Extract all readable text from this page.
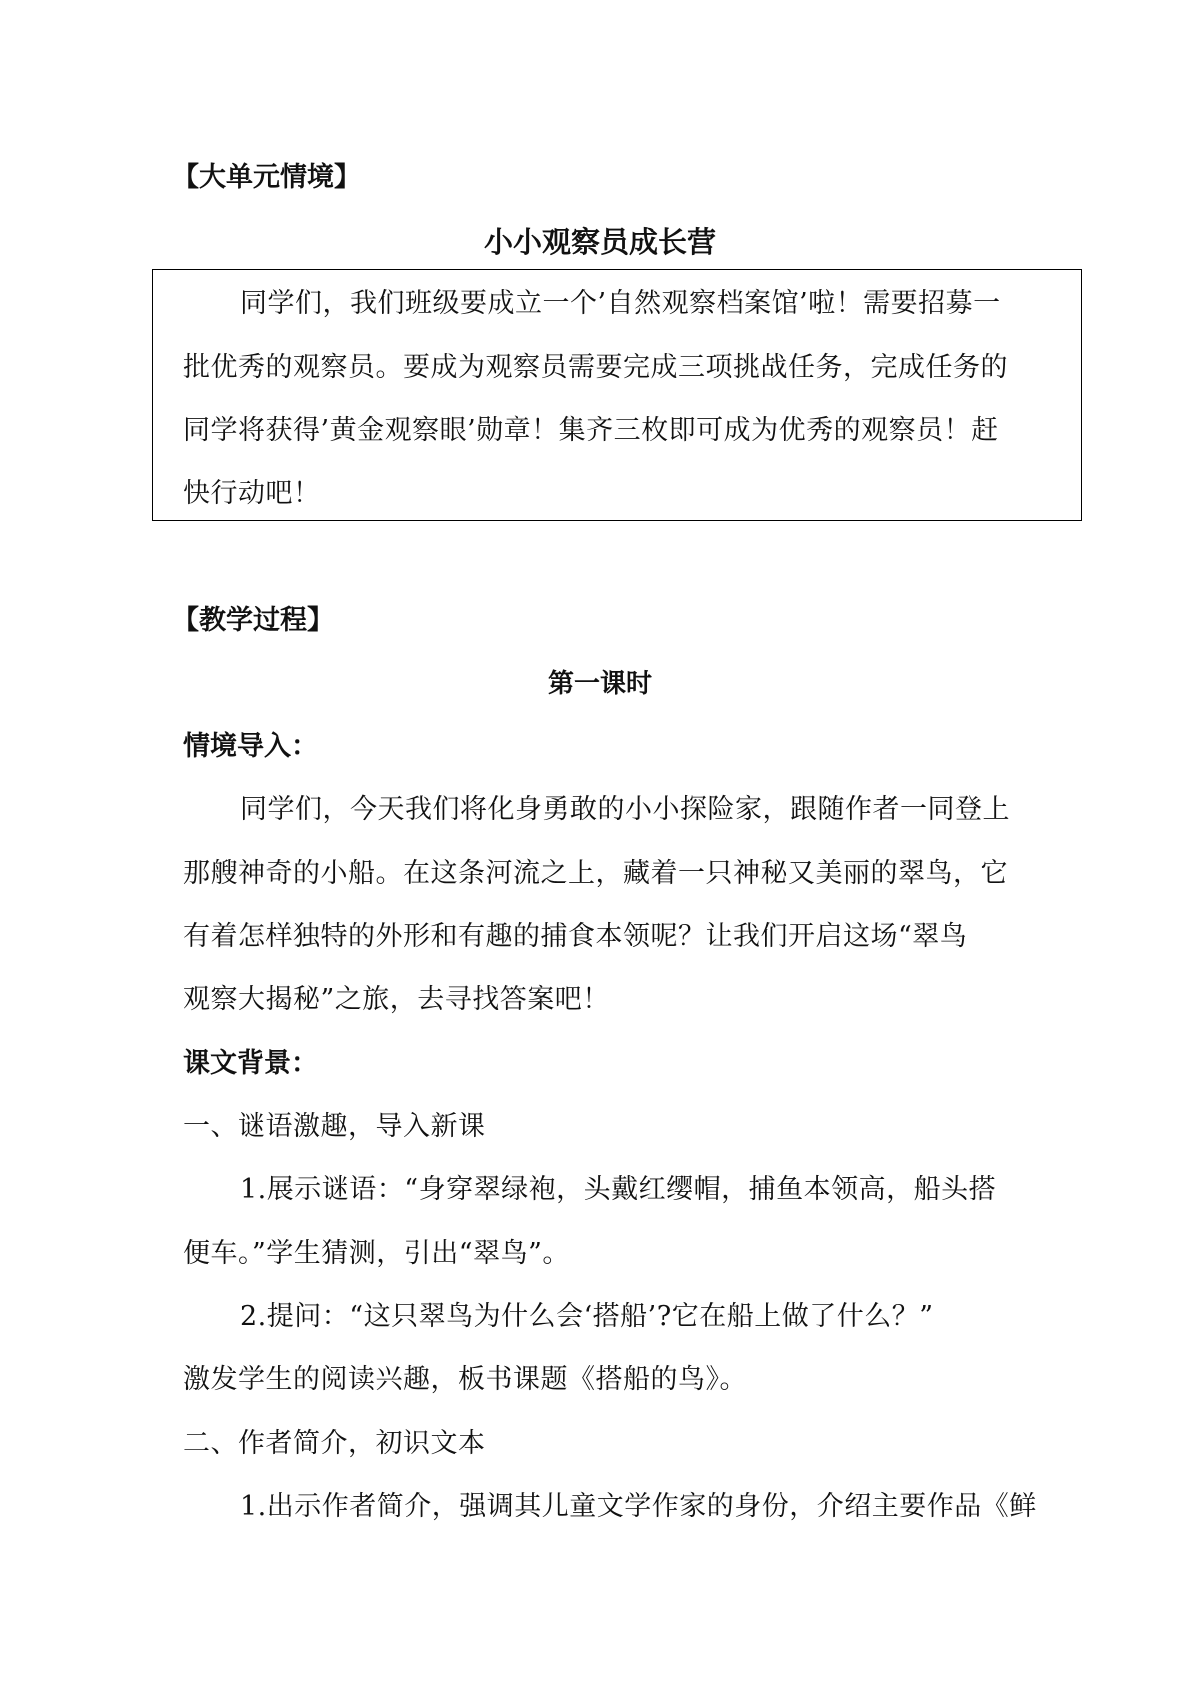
【大单元情境】
小小观察员成长营
同学们，我们班级要成立一个’自然观察档案馆’啦！需要招募一
批优秀的观察员。要成为观察员需要完成三项挑战任务，完成任务的
同学将获得’黄金观察眼’勋章！集齐三枚即可成为优秀的观察员！赶
快行动吧！
【教学过程】
第一课时
情境导入：
同学们，今天我们将化身勇敢的小小探险家，跟随作者一同登上
那艘神奇的小船。在这条河流之上，藏着一只神秘又美丽的翠鸟，它
有着怎样独特的外形和有趣的捕食本领呢？让我们开启这场“翠鸟
观察大揭秘”之旅，去寻找答案吧！
课文背景：
一、谜语激趣，导入新课
1.展示谜语：“身穿翠绿袍，头戴红缨帽，捕鱼本领高，船头搭
便车。”学生猜测，引出“翠鸟”。
2.提问：“这只翠鸟为什么会‘搭船’?它在船上做了什么？”
激发学生的阅读兴趣，板书课题《搭船的鸟》。
二、作者简介，初识文本
1.出示作者简介，强调其儿童文学作家的身份，介绍主要作品《鲜
